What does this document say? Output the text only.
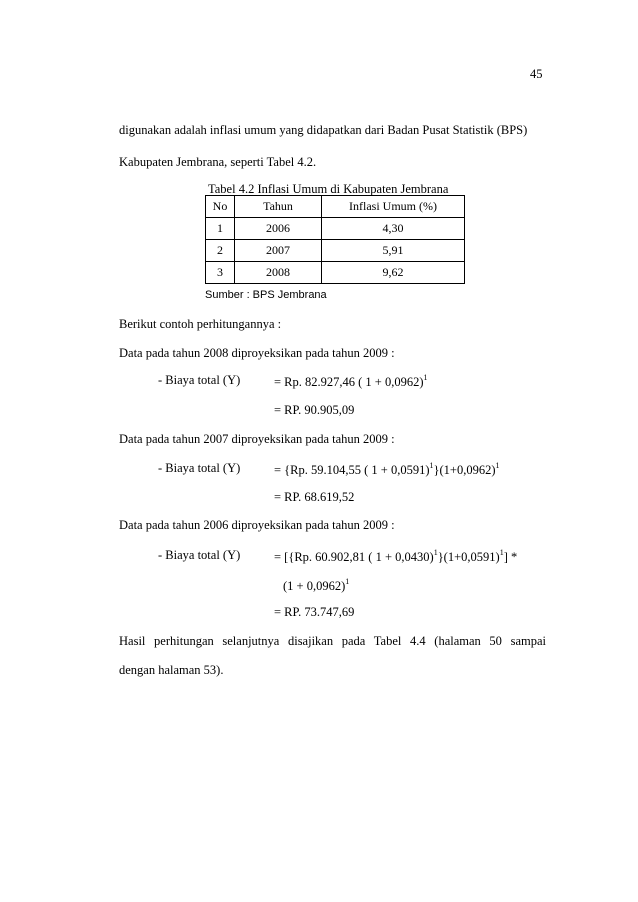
45
digunakan adalah inflasi umum yang didapatkan dari Badan Pusat Statistik (BPS)
Kabupaten Jembrana, seperti Tabel 4.2.
Tabel 4.2 Inflasi Umum di Kabupaten Jembrana
No	Tahun	Inflasi Umum (%)
1	2006	4,30
2	2007	5,91
3	2008	9,62
Sumber : BPS Jembrana
Berikut contoh perhitungannya :
Data pada tahun 2008 diproyeksikan pada tahun 2009 :
- Biaya total (Y)	= Rp. 82.927,46 ( 1 + 0,0962)$^1$
= RP. 90.905,09
Data pada tahun 2007 diproyeksikan pada tahun 2009 :
- Biaya total (Y)	= {Rp. 59.104,55 ( $1 + 0,0591)^1\}(1+0,0962)^1$
= RP. 68.619,52
Data pada tahun 2006 diproyeksikan pada tahun 2009 :
- Biaya total (Y)	= [{Rp. 60.902,81 ( $1 + 0,0430)^1\}(1+0,0591)^1$] *
$(1 + 0,0962)^1$
= RP. 73.747,69
Hasil perhitungan selanjutnya disajikan pada Tabel 4.4 (halaman 50 sampai
dengan halaman 53).
